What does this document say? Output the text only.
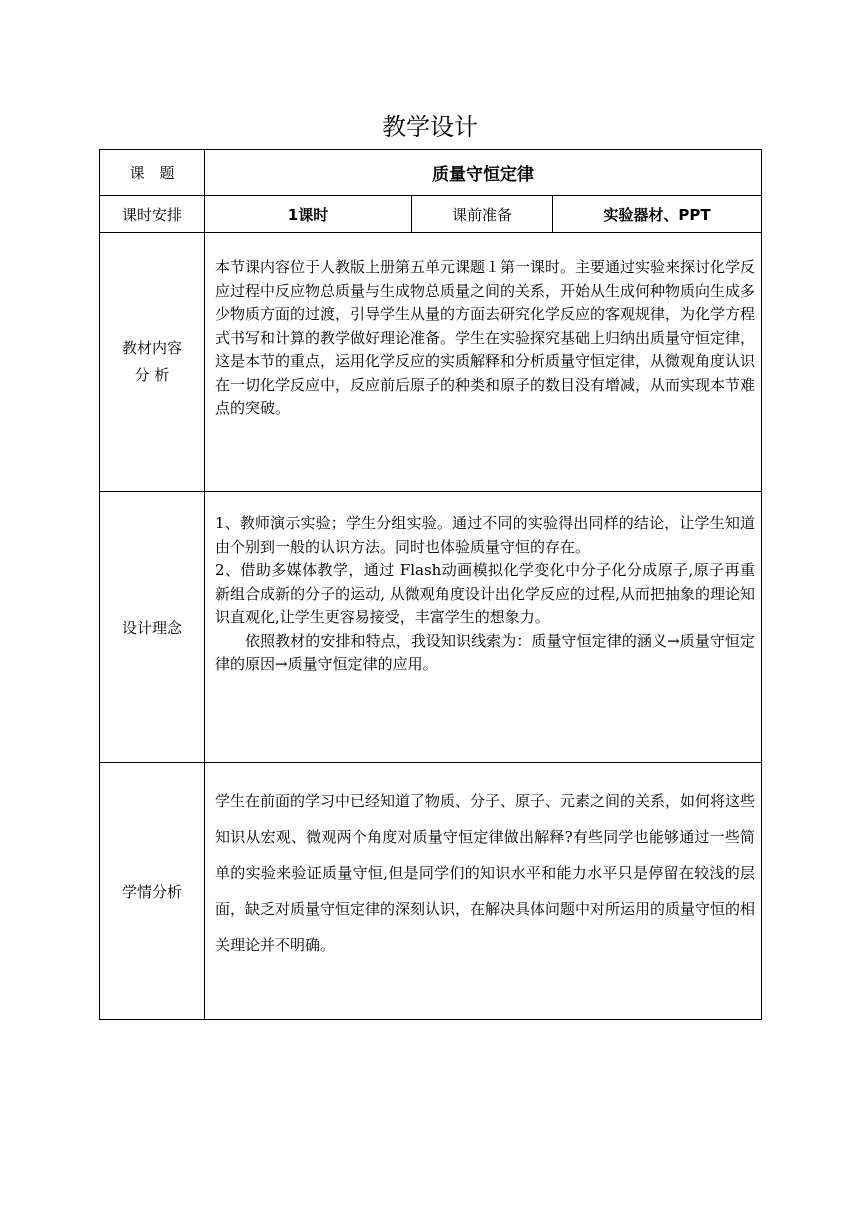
教学设计
课　题	质量守恒定律		
课时安排	1课时	课前准备	实验器材、PPT

教材内容
分 析	本节课内容位于人教版上册第五单元课题１第一课时。主要通过实验来探讨化学反应过程中反应物总质量与生成物总质量之间的关系，开始从生成何种物质向生成多少物质方面的过渡，引导学生从量的方面去研究化学反应的客观规律，为化学方程式书写和计算的教学做好理论准备。学生在实验探究基础上归纳出质量守恒定律，这是本节的重点，运用化学反应的实质解释和分析质量守恒定律，从微观角度认识在一切化学反应中，反应前后原子的种类和原子的数目没有增减，从而实现本节难点的突破。		

设计理念	1、教师演示实验；学生分组实验。通过不同的实验得出同样的结论，让学生知道由个别到一般的认识方法。同时也体验质量守恒的存在。

2、借助多媒体教学，通过 Flash动画模拟化学变化中分子化分成原子,原子再重新组合成新的分子的运动, 从微观角度设计出化学反应的过程,从而把抽象的理论知识直观化,让学生更容易接受，丰富学生的想象力。

依照教材的安排和特点，我设知识线索为：质量守恒定律的涵义→质量守恒定律的原因→质量守恒定律的应用。		

学情分析	学生在前面的学习中已经知道了物质、分子、原子、元素之间的关系，如何将这些知识从宏观、微观两个角度对质量守恒定律做出解释?有些同学也能够通过一些简单的实验来验证质量守恒,但是同学们的知识水平和能力水平只是停留在较浅的层面，缺乏对质量守恒定律的深刻认识，在解决具体问题中对所运用的质量守恒的相关理论并不明确。		
